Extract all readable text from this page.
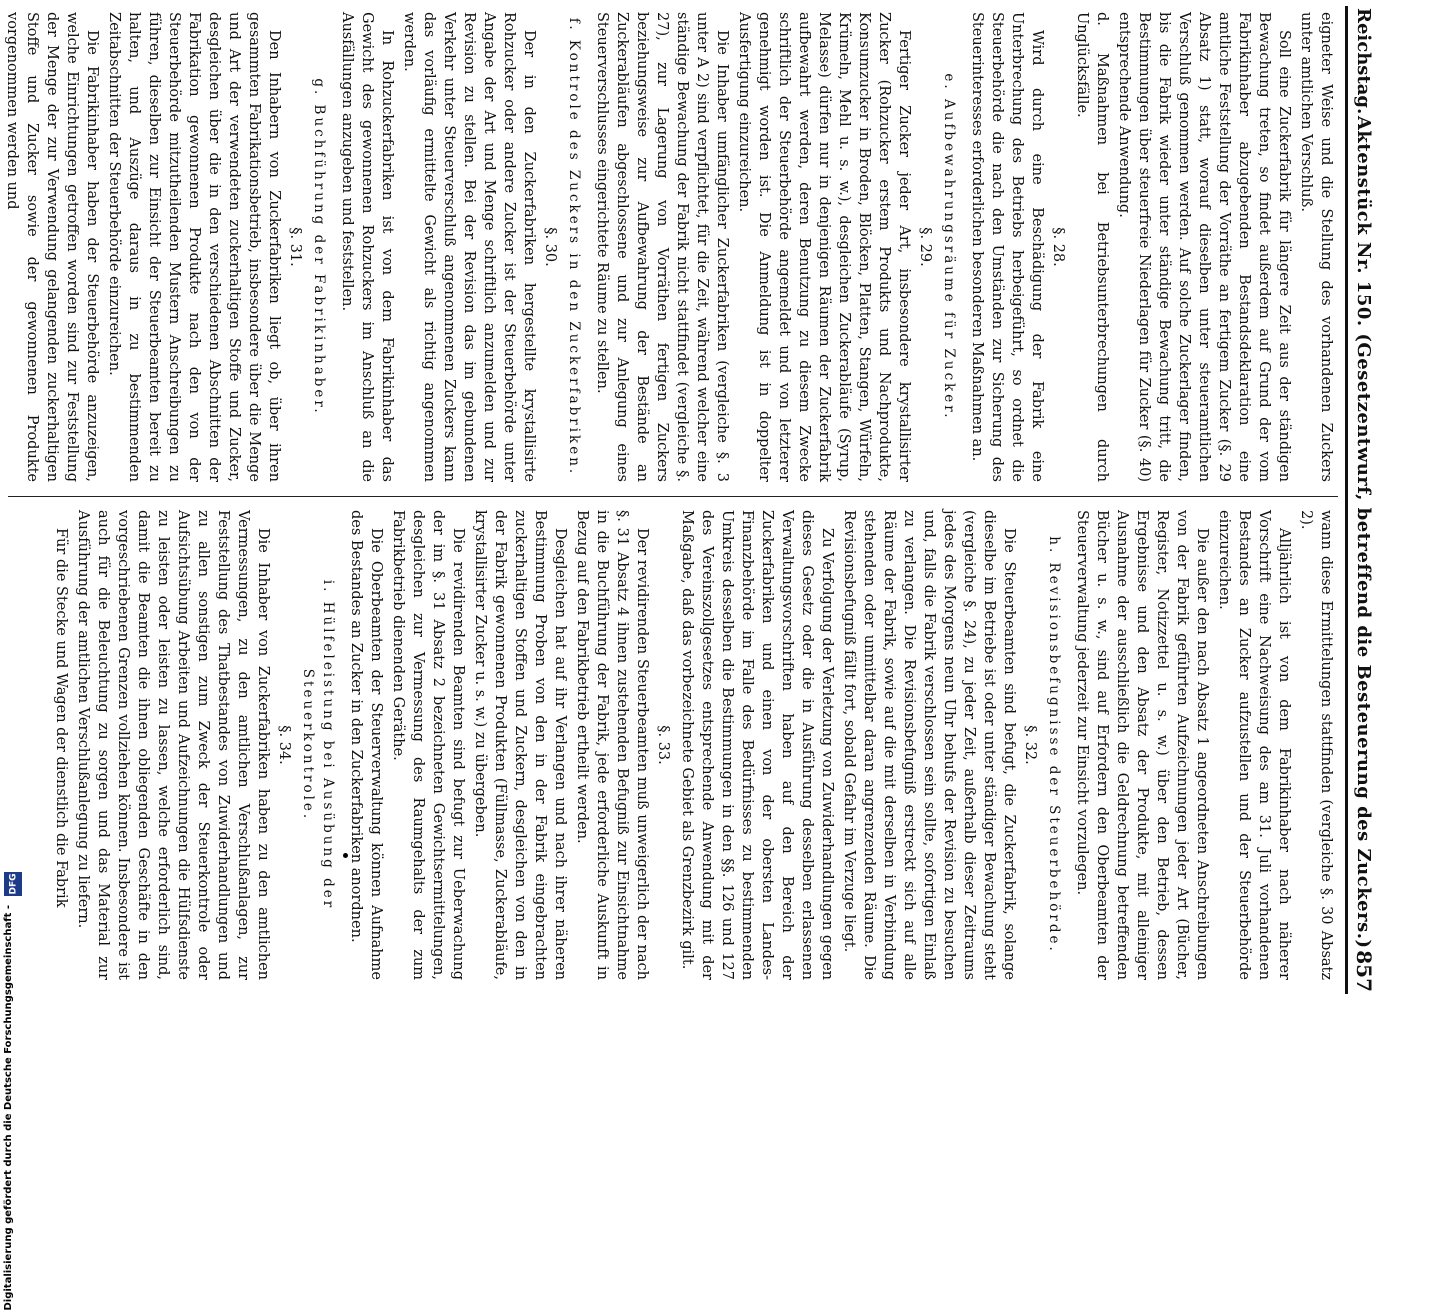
Reichstag.
Aktenstück Nr. 150. (Gesetzentwurf, betreffend die Besteuerung des Zuckers.)
857
eigneter Weise und die Stellung des vorhandenen Zuckers unter amtlichen Verschluß.
Soll eine Zuckerfabrik für längere Zeit aus der ständigen Bewachung treten, so findet außerdem auf Grund der vom Fabrikinhaber abzugebenden Bestandsdeklaration eine amtliche Feststellung der Vorräthe an fertigem Zucker (§. 29 Absatz 1) statt, worauf dieselben unter steueramtlichen Verschluß genommen werden. Auf solche Zuckerlager finden, bis die Fabrik wieder unter ständige Bewachung tritt, die Bestimmungen über steuerfreie Niederlagen für Zucker (§. 40) entsprechende Anwendung.
d. Maßnahmen bei Betriebsunterbrechungen durch Unglücksfälle.
§. 28.
Wird durch eine Beschädigung der Fabrik eine Unterbrechung des Betriebs herbeigeführt, so ordnet die Steuerbehörde die nach den Umständen zur Sicherung des Steuerinteresses erforderlichen besonderen Maßnahmen an.
e. Aufbewahrungsräume für Zucker.
§. 29.
Fertiger Zucker jeder Art, insbesondere krystallisirter Zucker (Rohzucker erstem Produkts und Nachprodukte, Konsumzucker in Broden, Blöcken, Platten, Stangen, Würfeln, Krümeln, Mehl u. s. w.), desgleichen Zuckerabläufe (Syrup, Melasse) dürfen nur in denjenigen Räumen der Zuckerfabrik aufbewahrt werden, deren Benutzung zu diesem Zwecke schriftlich der Steuerbehörde angemeldet und von letzterer genehmigt worden ist. Die Anmeldung ist in doppelter Ausfertigung einzureichen.
Die Inhaber umfänglicher Zuckerfabriken (vergleiche §. 3 unter A 2) sind verpflichtet, für die Zeit, während welcher eine ständige Bewachung der Fabrik nicht stattfindet (vergleiche §. 27), zur Lagerung von Vorräthen fertigen Zuckers beziehungsweise zur Aufbewahrung der Bestände an Zuckerabläufen abgeschlossene und zur Anlegung eines Steuerverschlusses eingerichtete Räume zu stellen.
f. Kontrole des Zuckers in den Zuckerfabriken.
§. 30.
Der in den Zuckerfabriken hergestellte krystallisirte Rohzucker oder andere Zucker ist der Steuerbehörde unter Angabe der Art und Menge schriftlich anzumelden und zur Revision zu stellen. Bei der Revision das im gebundenen Verkehr unter Steuerverschluß angenommenen Zuckers kann das vorläufig ermittelte Gewicht als richtig angenommen werden.
In Rohzuckerfabriken ist von dem Fabrikinhaber das Gewicht des gewonnenen Rohzuckers im Anschluß an die Ausfällungen anzugeben und feststellen.
g. Buchführung der Fabrikinhaber.
§. 31.
Den Inhabern von Zuckerfabriken liegt ob, über ihren gesammten Fabrikationsbetrieb, insbesondere über die Menge und Art der verwendeten zuckerhaltigen Stoffe und Zucker, desgleichen über die in den verschiedenen Abschnitten der Fabrikation gewonnenen Produkte nach den von der Steuerbehörde mitzutheilenden Mustern Anschreibungen zu führen, dieselben zur Einsicht der Steuerbeamten bereit zu halten, und Auszüge daraus in zu bestimmenden Zeitabschnitten der Steuerbehörde einzureichen.
Die Fabrikinhaber haben der Steuerbehörde anzuzeigen, welche Einrichtungen getroffen worden sind zur Feststellung der Menge der zur Verwendung gelangenden zuckerhaltigen Stoffe und Zucker sowie der gewonnenen Produkte vorgenommen werden und
wann diese Ermittelungen stattfinden (vergleiche §. 30 Absatz 2).
Alljährlich ist von dem Fabrikinhaber nach näherer Vorschrift eine Nachweisung des am 31. Juli vorhandenen Bestandes an Zucker aufzustellen und der Steuerbehörde einzureichen.
Die außer den nach Absatz 1 angeordneten Anschreibungen von der Fabrik geführten Aufzeichnungen jeder Art (Bücher, Register, Notizzettel u. s. w.) über den Betrieb, dessen Ergebnisse und den Absatz der Produkte, mit alleiniger Ausnahme der ausschließlich die Geldrechnung betreffenden Bücher u. s. w., sind auf Erfordern den Oberbeamten der Steuerverwaltung jederzeit zur Einsicht vorzulegen.
h. Revisionsbefugnisse der Steuerbehörde.
§. 32.
Die Steuerbeamten sind befugt, die Zuckerfabrik, solange dieselbe im Betriebe ist oder unter ständiger Bewachung steht (vergleiche §. 24), zu jeder Zeit, außerhalb dieser Zeitraums jedes des Morgens neun Uhr behufs der Revision zu besuchen und, falls die Fabrik verschlossen sein sollte, sofortigen Einlaß zu verlangen. Die Revisionsbefugniß erstreckt sich auf alle Räume der Fabrik, sowie auf die mit derselben in Verbindung stehenden oder unmittelbar daran angrenzenden Räume. Die Revisionsbefugniß fällt fort, sobald Gefahr im Verzuge liegt.
Zu Verfolgung der Verletzung von Zuwiderhandlungen gegen dieses Gesetz oder die in Ausführung desselben erlassenen Verwaltungsvorschriften haben auf den Bereich der Zuckerfabriken und einen von der obersten Landes-Finanzbehörde im Falle des Bedürfnisses zu bestimmenden Umkreis desselben die Bestimmungen in den §§. 126 und 127 des Vereinszollgesetzes entsprechende Anwendung mit der Maßgabe, daß das vorbezeichnete Gebiet als Grenzbezirk gilt.
§. 33.
Der revidirenden Steuerbeamten muß unweigerlich der nach §. 31 Absatz 4 ihnen zustehenden Befugniß zur Einsichtnahme in die Buchführung der Fabrik, jede erforderliche Auskunft in Bezug auf den Fabrikbetrieb ertheilt werden.
Desgleichen hat auf ihr Verlangen und nach ihrer näheren Bestimmung Proben von den in der Fabrik eingebrachten zuckerhaltigen Stoffen und Zuckern, desgleichen von den in der Fabrik gewonnenen Produkten (Füllmasse, Zuckerabläufe, krystallisirter Zucker u. s. w.) zu übergeben.
Die revidirenden Beamten sind befugt zur Ueberwachung der im §. 31 Absatz 2 bezeichneten Gewichtsermittelungen, desgleichen zur Vermessung des Raumgehalts der zum Fabrikbetrieb dienenden Geräthe.
Die Oberbeamten der Steuerverwaltung können Aufnahme des Bestandes an Zucker in den Zuckerfabriken anordnen.
i. Hülfeleistung bei Ausübung der Steuerkontrole.
§. 34.
Die Inhaber von Zuckerfabriken haben zu den amtlichen Vermessungen, zu den amtlichen Verschlußanlagen, zur Feststellung des Thatbestandes von Zuwiderhandlungen und zu allen sonstigen zum Zweck der Steuerkontrole oder Aufsichtsübung Arbeiten und Aufzeichnungen die Hülfsdienste zu leisten oder leisten zu lassen, welche erforderlich sind, damit die Beamten die ihnen obliegenden Geschäfte in den vorgeschriebenen Grenzen vollziehen können. Insbesondere ist auch für die Beleuchtung zu sorgen und das Material zur Ausführung der amtlichen Verschlußanlegung zu liefern.
Für die Stecke und Wagen der dienstlich die Fabrik
DFG
Digitalisierung gefördert durch die Deutsche Forschungsgemeinschaft -
